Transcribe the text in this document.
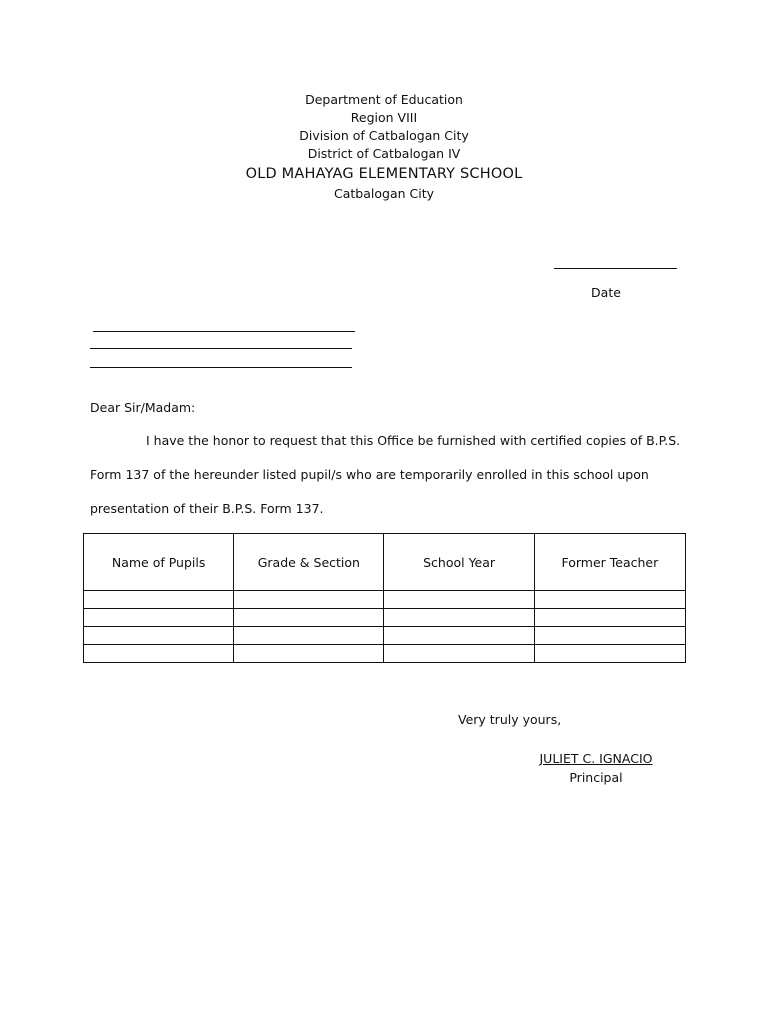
Department of Education
Region VIII
Division of Catbalogan City
District of Catbalogan IV
OLD MAHAYAG ELEMENTARY SCHOOL
Catbalogan City
Date
Dear Sir/Madam:
I have the honor to request that this Office be furnished with certified copies of B.P.S.
Form 137 of the hereunder listed pupil/s who are temporarily enrolled in this school upon
presentation of their B.P.S. Form 137.
Name of Pupils	Grade & Section	School Year	Former Teacher

Very truly yours,
JULIET C. IGNACIO
Principal
